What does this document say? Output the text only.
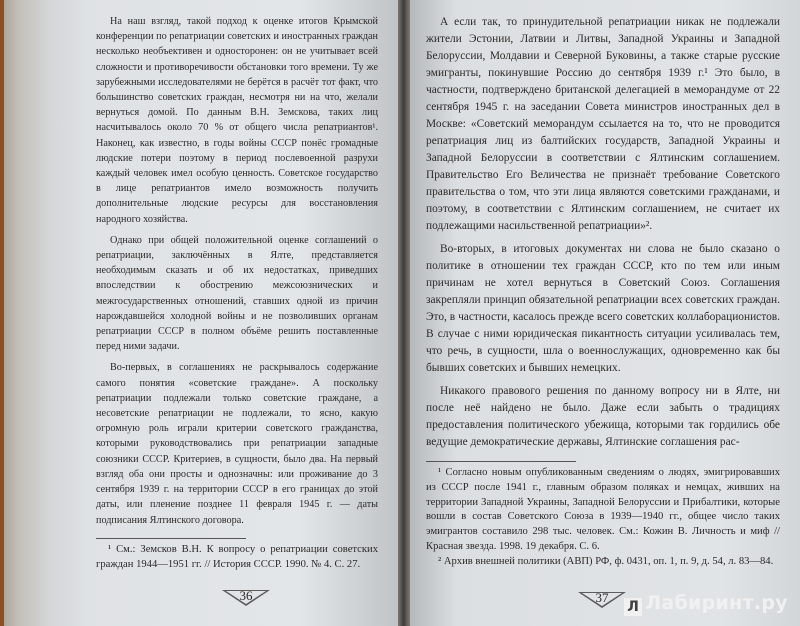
На наш взгляд, такой подход к оценке итогов Крымской конференции по репатриации советских и иностранных граждан несколько необъективен и односторонен: он не учитывает всей сложности и противоречивости обстановки того времени. Ту же зарубежными исследователями не берётся в расчёт тот факт, что большинство советских граждан, несмотря ни на что, желали вернуться домой. По данным В.Н. Земскова, таких лиц насчитывалось около 70 % от общего числа репатриантов¹. Наконец, как известно, в годы войны СССР понёс громадные людские потери поэтому в период послевоенной разрухи каждый человек имел особую ценность. Советское государство в лице репатриантов имело возможность получить дополнительные людские ресурсы для восстановления народного хозяйства.

Однако при общей положительной оценке соглашений о репатриации, заключённых в Ялте, представляется необходимым сказать и об их недостатках, приведших впоследствии к обострению межсоюзнических и межгосударственных отношений, ставших одной из причин нарождавшейся холодной войны и не позволивших органам репатриации СССР в полном объёме решить поставленные перед ними задачи.

Во-первых, в соглашениях не раскрывалось содержание самого понятия «советские граждане». А поскольку репатриации подлежали только советские граждане, а несоветские репатриации не подлежали, то ясно, какую огромную роль играли критерии советского гражданства, которыми руководствовались при репатриации западные союзники СССР. Критериев, в сущности, было два. На первый взгляд оба они просты и однозначны: или проживание до 3 сентября 1939 г. на территории СССР в его границах до этой даты, или пленение позднее 11 февраля 1945 г. — даты подписания Ялтинского договора.

¹ См.: Земсков В.Н. К вопросу о репатриации советских граждан 1944—1951 гг. // История СССР. 1990. № 4. С. 27.

36

А если так, то принудительной репатриации никак не подлежали жители Эстонии, Латвии и Литвы, Западной Украины и Западной Белоруссии, Молдавии и Северной Буковины, а также старые русские эмигранты, покинувшие Россию до сентября 1939 г.¹ Это было, в частности, подтверждено британской делегацией в меморандуме от 22 сентября 1945 г. на заседании Совета министров иностранных дел в Москве: «Советский меморандум ссылается на то, что не проводится репатриация лиц из балтийских государств, Западной Украины и Западной Белоруссии в соответствии с Ялтинским соглашением. Правительство Его Величества не признаёт требование Советского правительства о том, что эти лица являются советскими гражданами, и поэтому, в соответствии с Ялтинским соглашением, не считает их подлежащими насильственной репатриации»².

Во-вторых, в итоговых документах ни слова не было сказано о политике в отношении тех граждан СССР, кто по тем или иным причинам не хотел вернуться в Советский Союз. Соглашения закрепляли принцип обязательной репатриации всех советских граждан. Это, в частности, касалось прежде всего советских коллаборационистов. В случае с ними юридическая пикантность ситуации усиливалась тем, что речь, в сущности, шла о военнослужащих, одновременно как бы бывших советских и бывших немецких.

Никакого правового решения по данному вопросу ни в Ялте, ни после неё найдено не было. Даже если забыть о традициях предоставления политического убежища, которыми так гордились обе ведущие демократические державы, Ялтинские соглашения рас-

¹ Согласно новым опубликованным сведениям о людях, эмигрировавших из СССР после 1941 г., главным образом поляках и немцах, живших на территории Западной Украины, Западной Белоруссии и Прибалтики, которые вошли в состав Советского Союза в 1939—1940 гг., общее число таких эмигрантов составило 298 тыс. человек. См.: Кожин В. Личность и миф // Красная звезда. 1998. 19 декабря. С. 6.

² Архив внешней политики (АВП) РФ, ф. 0431, оп. 1, п. 9, д. 54, л. 83—84.

37
Л Лабиринт.ру
